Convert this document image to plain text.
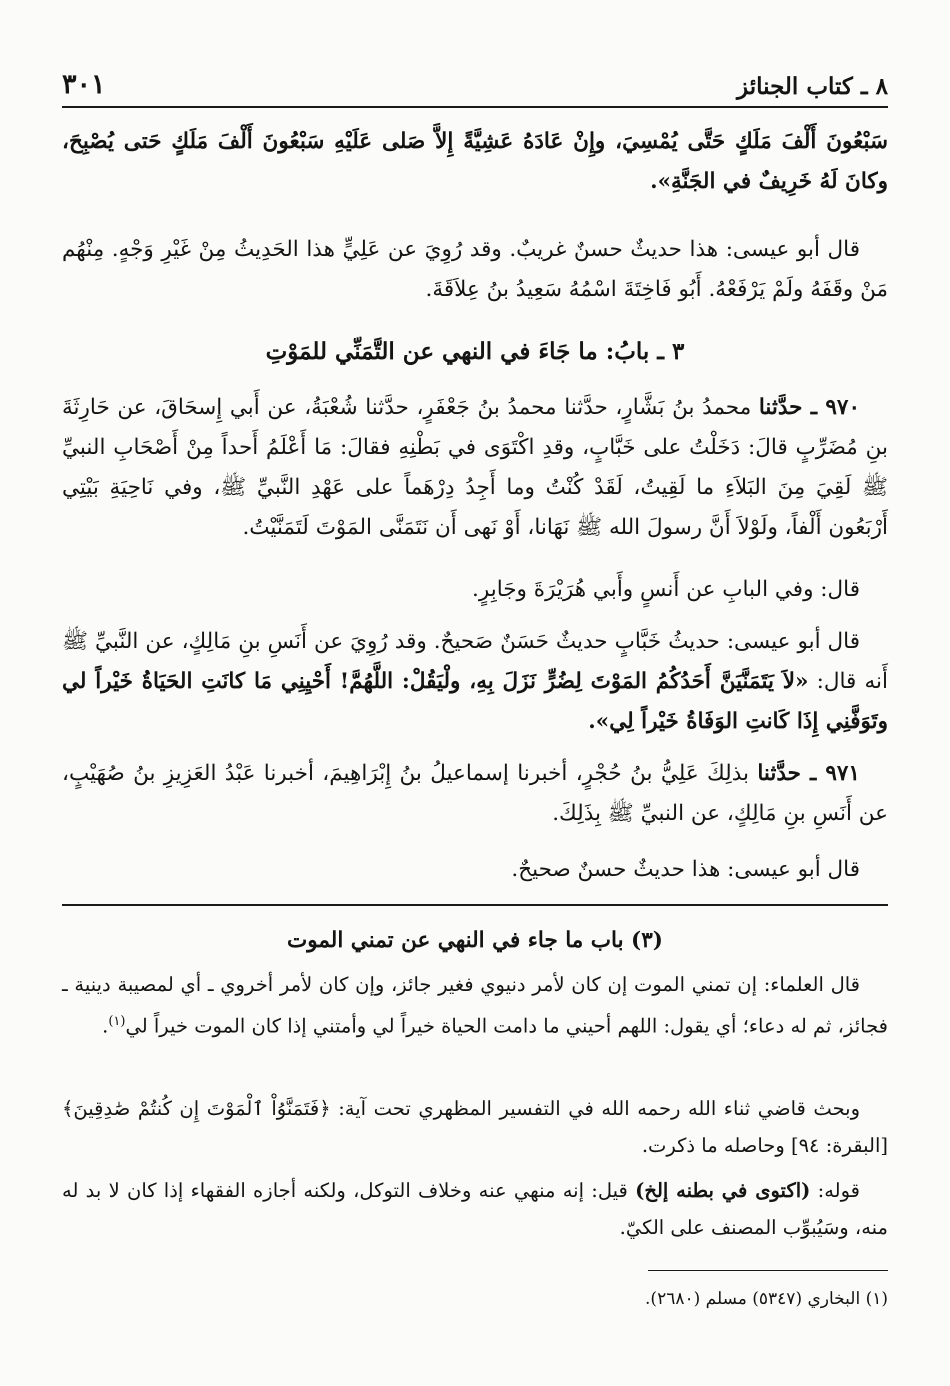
٨ ـ كتاب الجنائز
٣٠١

سَبْعُونَ أَلْفَ مَلَكٍ حَتَّى يُمْسِيَ، وإِنْ عَادَهُ عَشِيَّةً إِلاَّ صَلى عَلَيْهِ سَبْعُونَ أَلْفَ مَلَكٍ حَتى يُصْبِحَ، وكانَ لَهُ خَرِيفٌ في الجَنَّةِ».

قال أبو عيسى: هذا حديثٌ حسنٌ غريبٌ. وقد رُوِيَ عن عَلِيٍّ هذا الحَدِيثُ مِنْ غَيْرِ وَجْهٍ. مِنْهُم مَنْ وقَفَهُ ولَمْ يَرْفَعْهُ. أَبُو فَاخِتَةَ اسْمُهُ سَعِيدُ بنُ عِلاَقَةَ.

٣ ـ بابُ: ما جَاءَ في النهي عن التَّمَنِّي للمَوْتِ

٩٧٠ ـ حدَّثنا محمدُ بنُ بَشَّارٍ، حدَّثنا محمدُ بنُ جَعْفَرٍ، حدَّثنا شُعْبَةُ، عن أَبي إِسحَاقَ، عن حَارِثَةَ بنِ مُضَرِّبٍ قالَ: دَخَلْتُ على خَبَّابٍ، وقدِ اكْتَوَى في بَطْنِهِ فقالَ: مَا أَعْلَمُ أَحداً مِنْ أَصْحَابِ النبيِّ ﷺ لَقِيَ مِنَ البَلاَءِ ما لَقِيتُ، لَقَدْ كُنْتُ وما أَجِدُ دِرْهَماً على عَهْدِ النَّبيِّ ﷺ، وفي نَاحِيَةِ بَيْتِي أَرْبَعُون أَلْفاً، ولَوْلاَ أَنَّ رسولَ الله ﷺ نَهَانا، أَوْ نَهى أَن نَتَمَنَّى المَوْتَ لَتَمَنَّيْتُ.

قال: وفي البابِ عن أَنسٍ وأَبي هُرَيْرَةَ وجَابِرٍ.

قال أبو عيسى: حديثُ خَبَّابٍ حديثٌ حَسَنٌ صَحيحٌ. وقد رُوِيَ عن أَنَسِ بنِ مَالِكٍ، عن النَّبيِّ ﷺ أَنه قال: «لاَ يَتَمَنَّيَنَّ أَحَدُكُمُ المَوْتَ لِضُرٍّ نَزَلَ بِهِ، ولْيَقُلْ: اللَّهُمَّ! أَحْيِنِي مَا كانَتِ الحَيَاةُ خَيْراً لي وتَوَفَّنِي إِذَا كَانتِ الوَفَاةُ خَيْراً لِي».

٩٧١ ـ حدَّثنا بذلِكَ عَلِيُّ بنُ حُجْرٍ، أخبرنا إسماعيلُ بنُ إِبْرَاهِيمَ، أخبرنا عَبْدُ العَزِيزِ بنُ صُهَيْبٍ، عن أَنَسِ بنِ مَالِكٍ، عن النبيِّ ﷺ بِذَلِكَ.

قال أبو عيسى: هذا حديثٌ حسنٌ صحيحٌ.

(٣) باب ما جاء في النهي عن تمني الموت

قال العلماء: إن تمني الموت إن كان لأمر دنيوي فغير جائز، وإن كان لأمر أخروي ـ أي لمصيبة دينية ـ فجائز، ثم له دعاء؛ أي يقول: اللهم أحيني ما دامت الحياة خيراً لي وأمتني إذا كان الموت خيراً لي$^{(١)}$.

وبحث قاضي ثناء الله رحمه الله في التفسير المظهري تحت آية: ﴿فَتَمَنَّوُاْ ٱلْمَوْتَ إِن كُنتُمْ صَٰدِقِينَ﴾ [البقرة: ٩٤] وحاصله ما ذكرت.

قوله: (اكتوى في بطنه إلخ) قيل: إنه منهي عنه وخلاف التوكل، ولكنه أجازه الفقهاء إذا كان لا بد له منه، وسَيُبوِّب المصنف على الكيّ.

(١) البخاري (٥٣٤٧) مسلم (٢٦٨٠).
